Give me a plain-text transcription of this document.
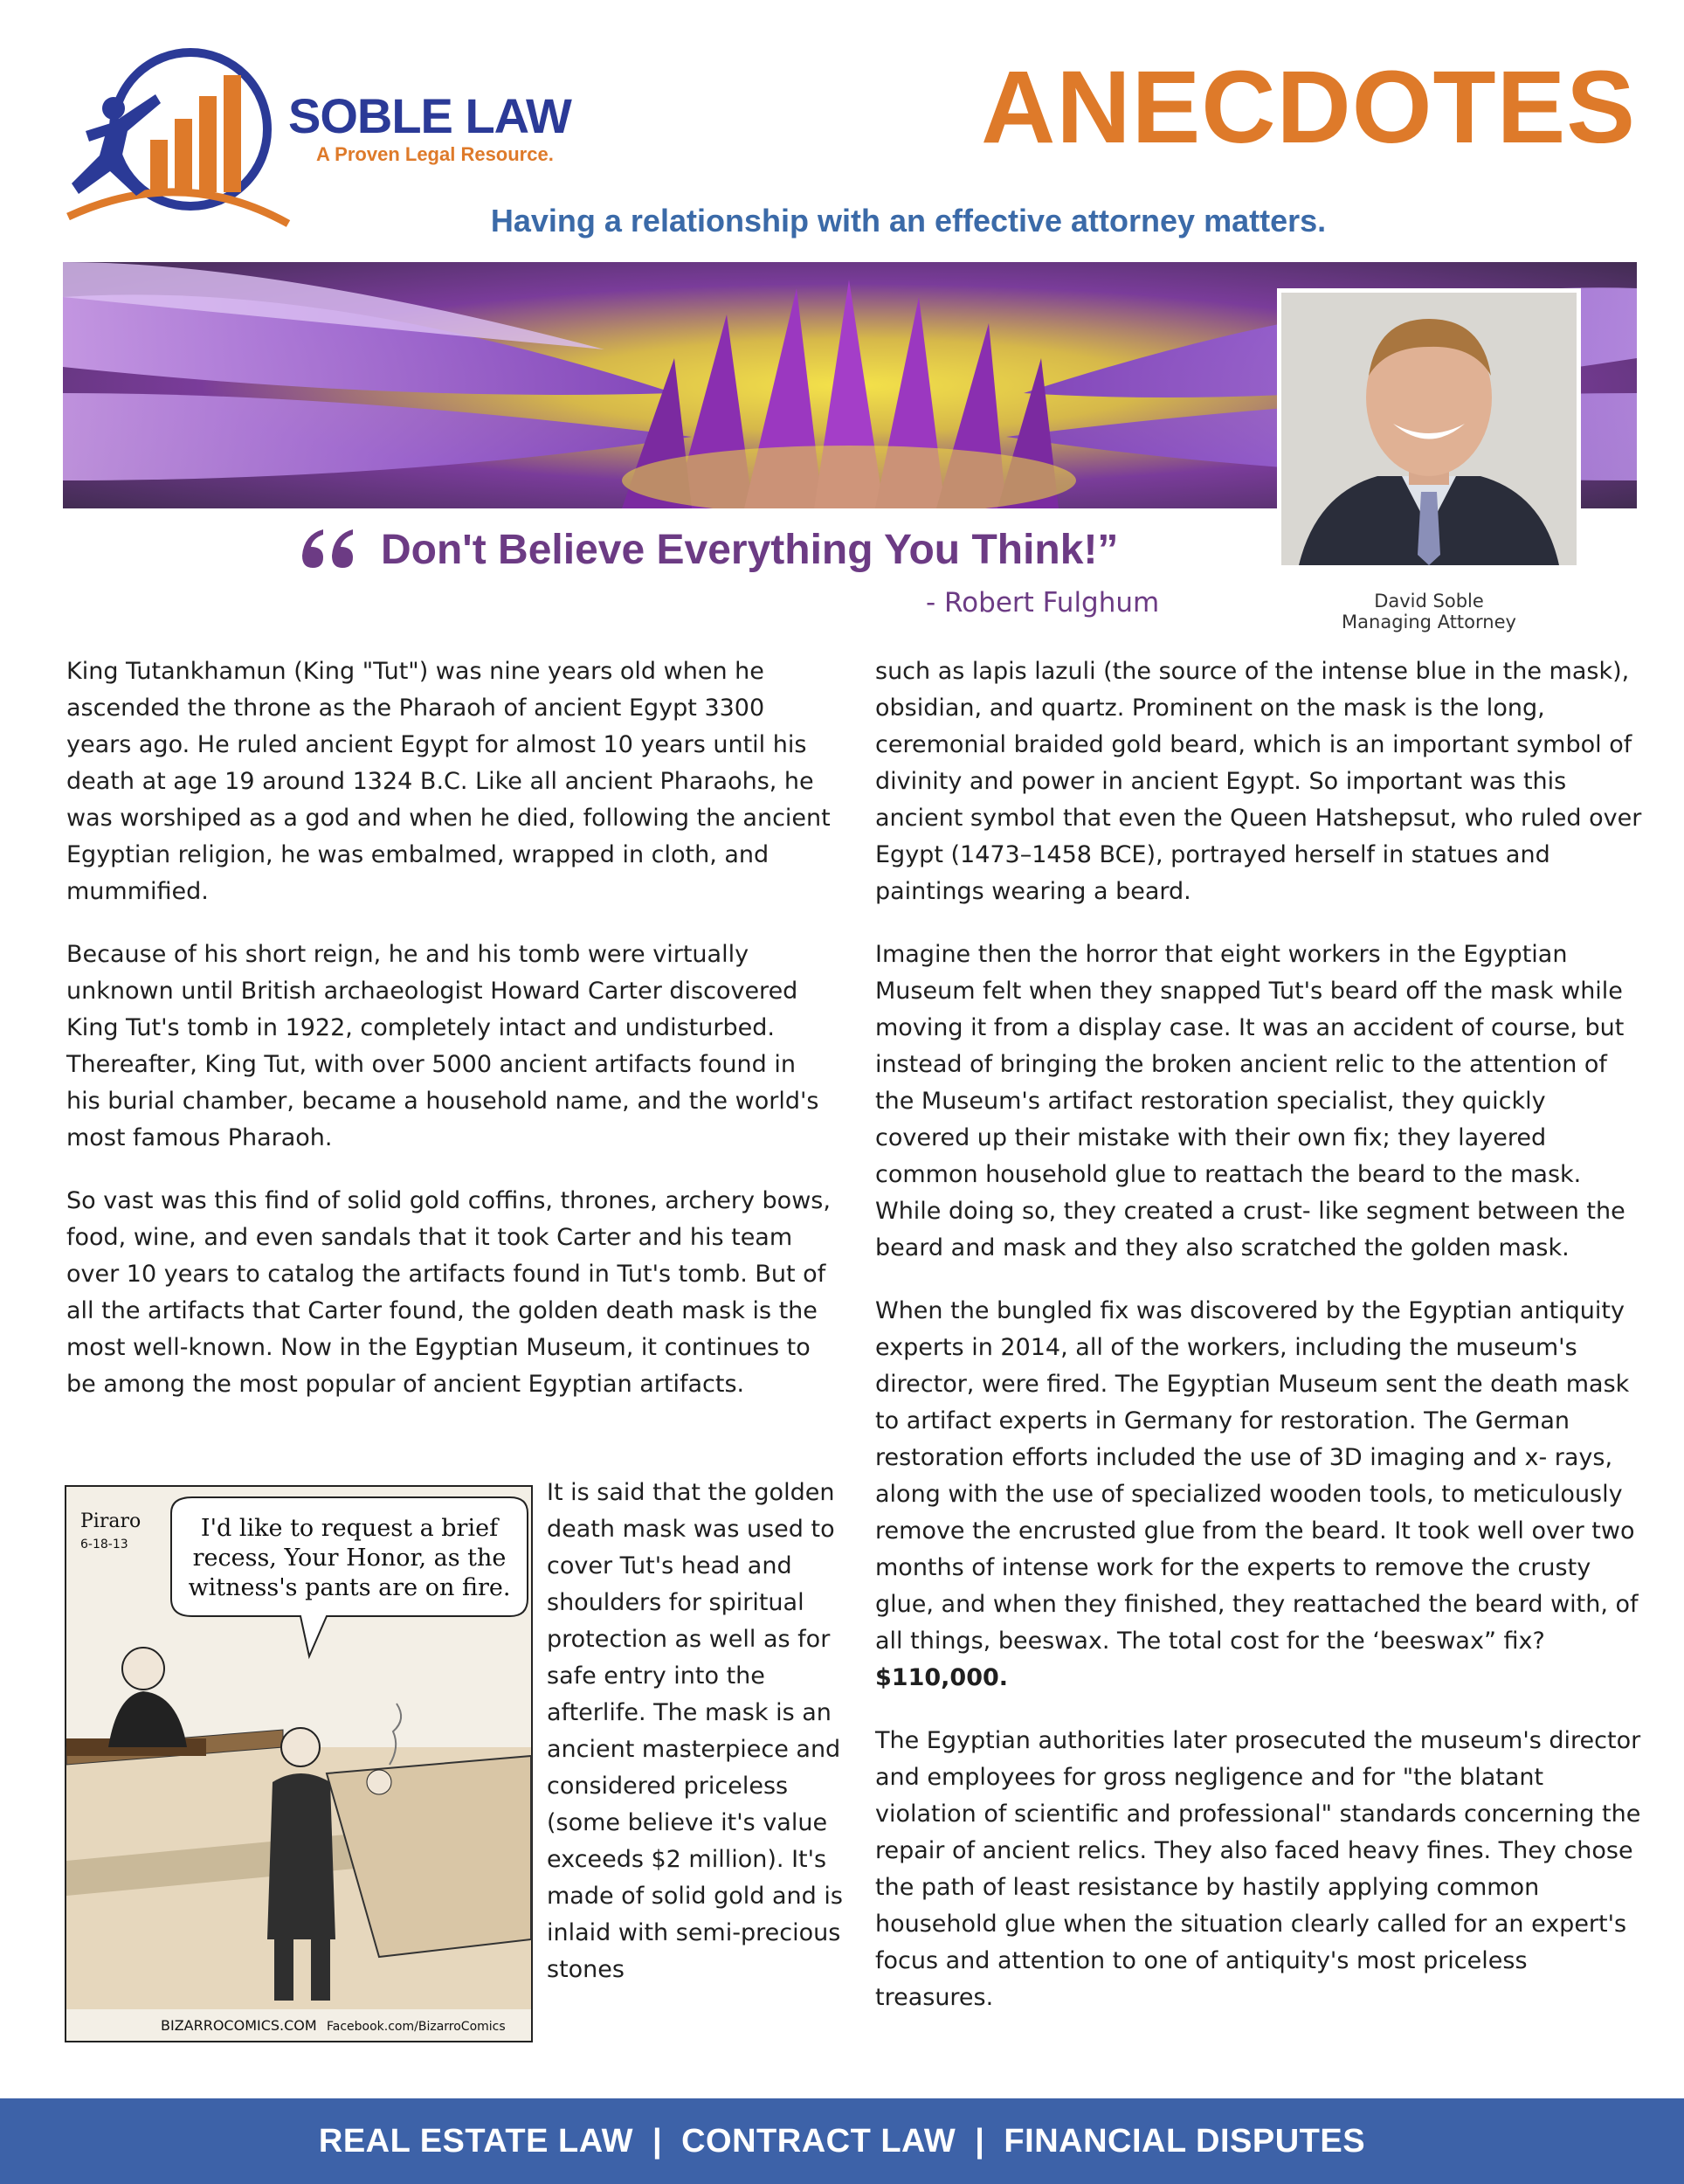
SOBLE LAW
A Proven Legal Resource.	ANECDOTES
Having a relationship with an effective attorney matters.
David Soble
Managing Attorney
Don't Believe Everything You Think!”
- Robert Fulghum

King Tutankhamun (King "Tut") was nine years old when he ascended the throne as the Pharaoh of ancient Egypt 3300 years ago. He ruled ancient Egypt for almost 10 years until his death at age 19 around 1324 B.C. Like all ancient Pharaohs, he was worshiped as a god and when he died, following the ancient Egyptian religion, he was embalmed, wrapped in cloth, and mummified.

Because of his short reign, he and his tomb were virtually unknown until British archaeologist Howard Carter discovered King Tut's tomb in 1922, completely intact and undisturbed. Thereafter, King Tut, with over 5000 ancient artifacts found in his burial chamber, became a household name, and the world's most famous Pharaoh.

So vast was this find of solid gold coffins, thrones, archery bows, food, wine, and even sandals that it took Carter and his team over 10 years to catalog the artifacts found in Tut's tomb. But of all the artifacts that Carter found, the golden death mask is the most well-known. Now in the Egyptian Museum, it continues to be among the most popular of ancient Egyptian artifacts.

I'd like to request a brief
recess, Your Honor, as the
witness's pants are on fire.
Piraro
6-18-13
BIZARROCOMICS.COM Facebook.com/BizarroComics
It is said that the golden death mask was used to cover Tut's head and shoulders for spiritual protection as well as for safe entry into the afterlife. The mask is an ancient masterpiece and considered priceless (some believe it's value exceeds $2 million). It's made of solid gold and is inlaid with semi-precious stones

such as lapis lazuli (the source of the intense blue in the mask), obsidian, and quartz. Prominent on the mask is the long, ceremonial braided gold beard, which is an important symbol of divinity and power in ancient Egypt. So important was this ancient symbol that even the Queen Hatshepsut, who ruled over Egypt (1473–1458 BCE), portrayed herself in statues and paintings wearing a beard.

Imagine then the horror that eight workers in the Egyptian Museum felt when they snapped Tut's beard off the mask while moving it from a display case. It was an accident of course, but instead of bringing the broken ancient relic to the attention of the Museum's artifact restoration specialist, they quickly covered up their mistake with their own fix; they layered common household glue to reattach the beard to the mask. While doing so, they created a crust- like segment between the beard and mask and they also scratched the golden mask.

When the bungled fix was discovered by the Egyptian antiquity experts in 2014, all of the workers, including the museum's director, were fired. The Egyptian Museum sent the death mask to artifact experts in Germany for restoration. The German restoration efforts included the use of 3D imaging and x- rays, along with the use of specialized wooden tools, to meticulously remove the encrusted glue from the beard. It took well over two months of intense work for the experts to remove the crusty glue, and when they finished, they reattached the beard with, of all things, beeswax. The total cost for the ‘beeswax” fix? $110,000.

The Egyptian authorities later prosecuted the museum's director and employees for gross negligence and for "the blatant violation of scientific and professional" standards concerning the repair of ancient relics. They also faced heavy fines. They chose the path of least resistance by hastily applying common household glue when the situation clearly called for an expert's focus and attention to one of antiquity's most priceless treasures.

REAL ESTATE LAW | CONTRACT LAW | FINANCIAL DISPUTES
